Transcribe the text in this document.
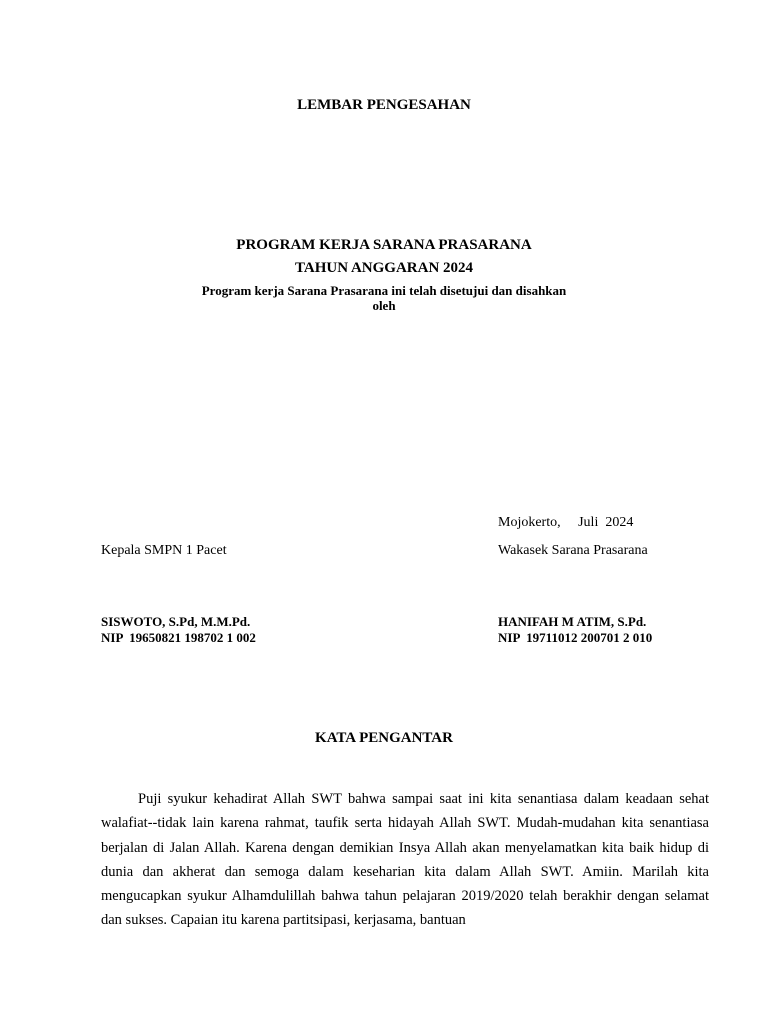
LEMBAR PENGESAHAN
PROGRAM KERJA SARANA PRASARANA
TAHUN ANGGARAN 2024
Program kerja Sarana Prasarana ini telah disetujui dan disahkan
oleh
Mojokerto,     Juli  2024
Kepala SMPN 1 Pacet	Wakasek Sarana Prasarana
SISWOTO, S.Pd, M.M.Pd.
NIP  19650821 198702 1 002
HANIFAH M ATIM, S.Pd.
NIP  19711012 200701 2 010
KATA PENGANTAR
Puji syukur kehadirat Allah SWT bahwa sampai saat ini kita senantiasa dalam keadaan sehat walafiat--tidak lain karena rahmat, taufik serta hidayah Allah SWT. Mudah-mudahan kita senantiasa berjalan di Jalan Allah. Karena dengan demikian Insya Allah akan menyelamatkan kita baik hidup di dunia dan akherat dan semoga dalam keseharian kita dalam Allah SWT. Amiin. Marilah kita mengucapkan syukur Alhamdulillah bahwa tahun pelajaran 2019/2020 telah berakhir dengan selamat dan sukses. Capaian itu karena partitsipasi, kerjasama, bantuan
